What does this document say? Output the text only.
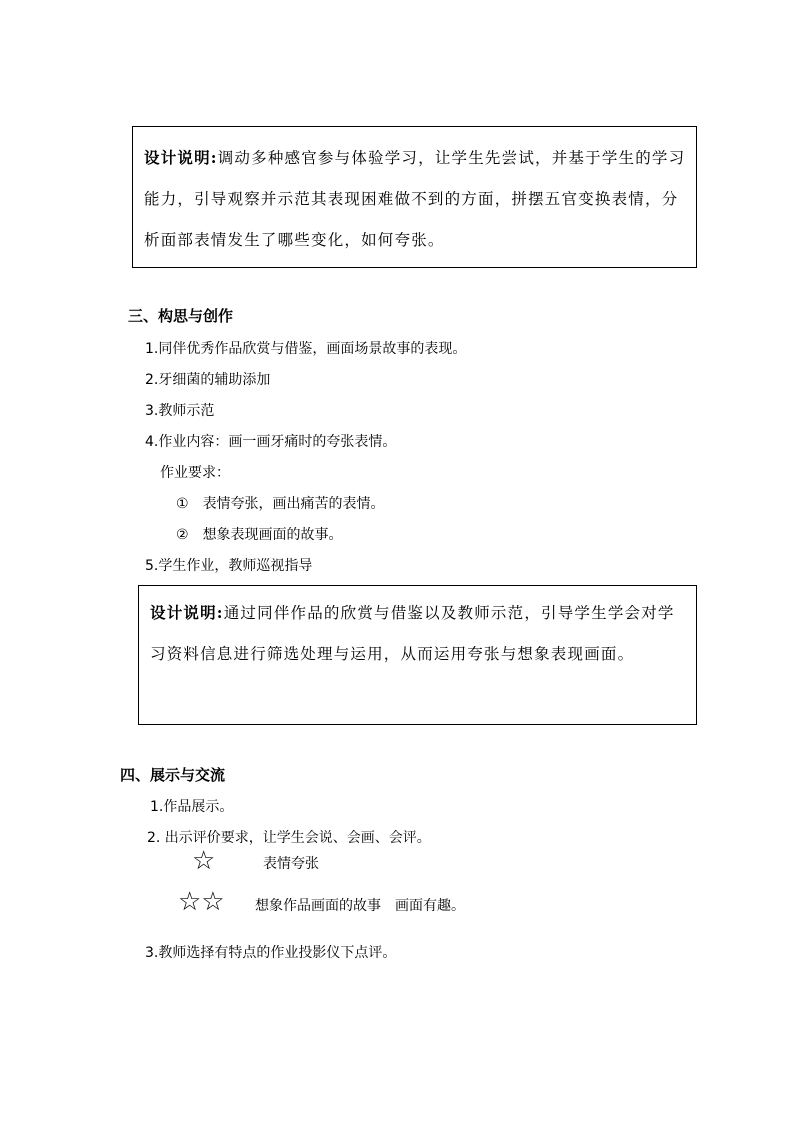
设计说明:调动多种感官参与体验学习，让学生先尝试，并基于学生的学习能力，引导观察并示范其表现困难做不到的方面，拼摆五官变换表情，分析面部表情发生了哪些变化，如何夸张。
三、构思与创作
1.同伴优秀作品欣赏与借鉴，画面场景故事的表现。
2.牙细菌的辅助添加
3.教师示范
4.作业内容：画一画牙痛时的夸张表情。
作业要求：
① 表情夸张，画出痛苦的表情。
② 想象表现画面的故事。
5.学生作业，教师巡视指导
设计说明:通过同伴作品的欣赏与借鉴以及教师示范，引导学生学会对学习资料信息进行筛选处理与运用，从而运用夸张与想象表现画面。
四、展示与交流
1.作品展示。
2. 出示评价要求，让学生会说、会画、会评。
☆	表情夸张
☆☆ 想象作品画面的故事　画面有趣。
3.教师选择有特点的作业投影仪下点评。
